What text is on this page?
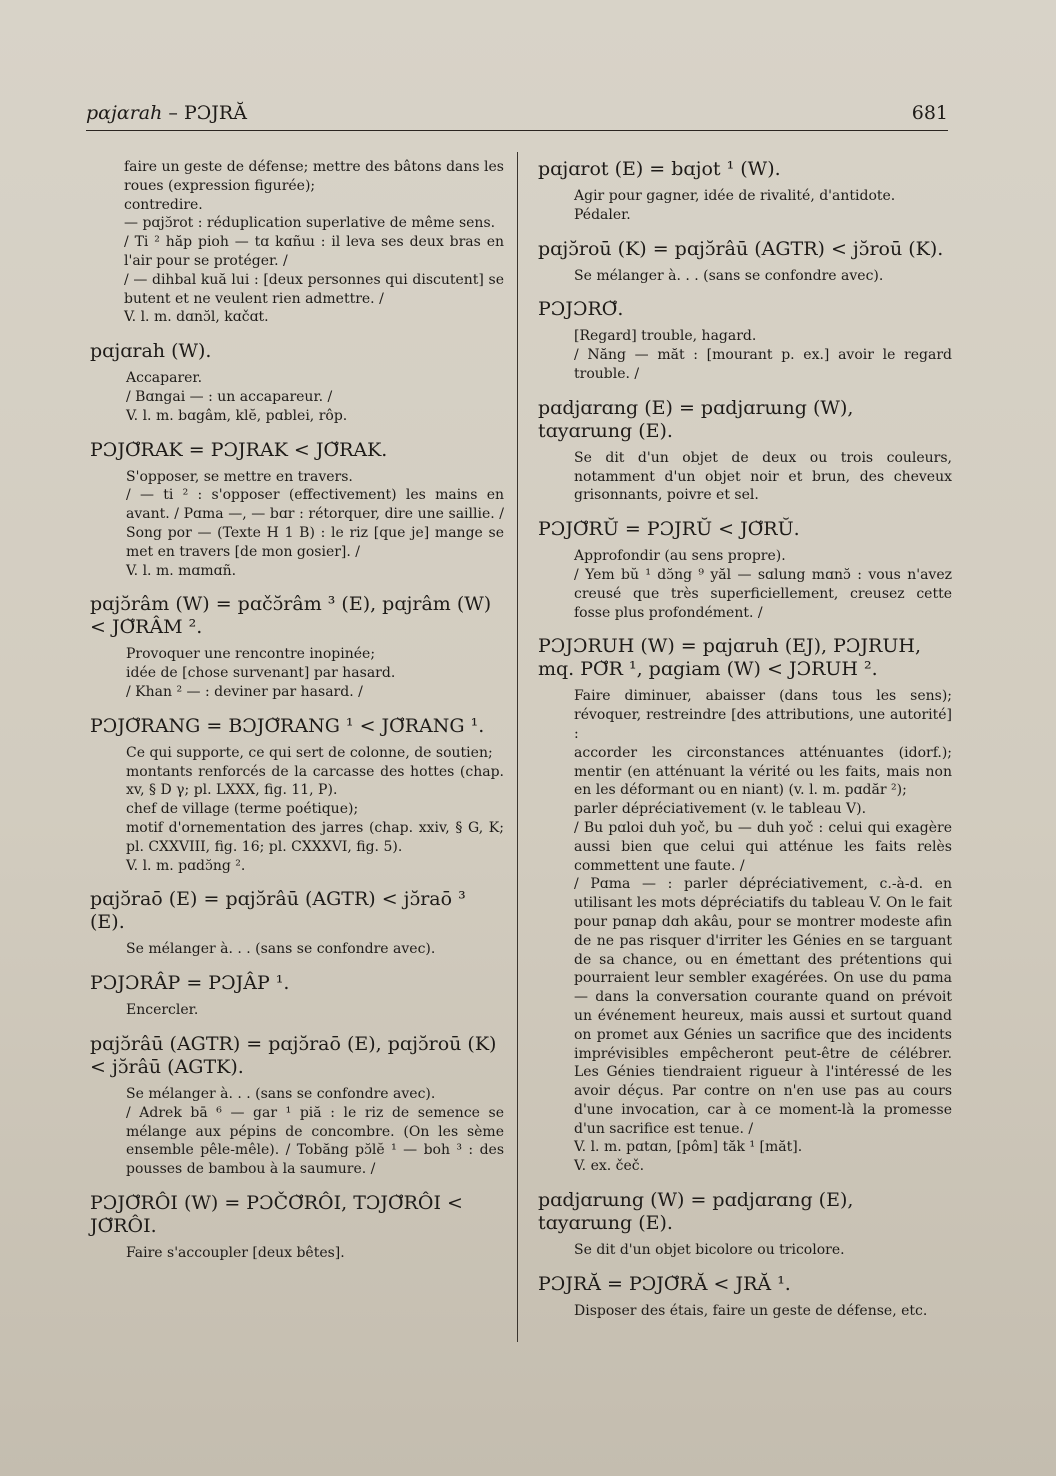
pɑjɑrah – PƆJRĂ	681

faire un geste de défense; mettre des bâtons dans les roues (expression figurée);

contredire.

— pɑjɔ̆rot : réduplication superlative de même sens.

/ Ti ² hăp pioh — tɑ kɑñɯ : il leva ses deux bras en l'air pour se protéger. /

/ — dihbal kuă lui : [deux personnes qui discutent] se butent et ne veulent rien admettre. /

V. l. m. dɑnɔ̆l, kɑčɑt.

pɑjɑrah (W).

Accaparer.

/ Bɑngai — : un accapareur. /

V. l. m. bɑgâm, klĕ, pɑblei, rôp.

PƆJƠ̆RAK = PƆJRAK < JƠ̆RAK.

S'opposer, se mettre en travers.

/ — ti ² : s'opposer (effectivement) les mains en avant. / Pɑma —, — bɑr : rétorquer, dire une saillie. / Song por — (Texte H 1 B) : le riz [que je] mange se met en travers [de mon gosier]. /

V. l. m. mɑmɑñ.

pɑjɔ̆râm (W) = pɑčɔ̆râm ³ (E), pɑjrâm (W) < JƠ̆RÂM ².

Provoquer une rencontre inopinée;

idée de [chose survenant] par hasard.

/ Khan ² — : deviner par hasard. /

PƆJƠ̆RANG = BƆJƠ̆RANG ¹ < JƠ̆RANG ¹.

Ce qui supporte, ce qui sert de colonne, de soutien;

montants renforcés de la carcasse des hottes (chap. xv, § D γ; pl. LXXX, fig. 11, P).

chef de village (terme poétique);

motif d'ornementation des jarres (chap. xxiv, § G, K; pl. CXXVIII, fig. 16; pl. CXXXVI, fig. 5).

V. l. m. pɑdɔ̆ng ².

pɑjɔ̆raō (E) = pɑjɔ̆râū (AGTR) < jɔ̆raō ³ (E).

Se mélanger à. . . (sans se confondre avec).

PƆJƆRÂP = PƆJÂP ¹.

Encercler.

pɑjɔ̆râū (AGTR) = pɑjɔ̆raō (E), pɑjɔ̆roū (K) < jɔ̆râū (AGTK).

Se mélanger à. . . (sans se confondre avec).

/ Adrek bā ⁶ — gar ¹ piă : le riz de semence se mélange aux pépins de concombre. (On les sème ensemble pêle-mêle). / Tobăng pɔ̆lĕ ¹ — boh ³ : des pousses de bambou à la saumure. /

PƆJƠ̆RÔI (W) = PƆČƠ̆RÔI, TƆJƠ̆RÔI < JƠ̆RÔI.

Faire s'accoupler [deux bêtes].

pɑjɑrot (E) = bɑjot ¹ (W).

Agir pour gagner, idée de rivalité, d'antidote.

Pédaler.

pɑjɔ̆roū (K) = pɑjɔ̆râū (AGTR) < jɔ̆roū (K).

Se mélanger à. . . (sans se confondre avec).

PƆJƆRƠ̆.

[Regard] trouble, hagard.

/ Năng — măt : [mourant p. ex.] avoir le regard trouble. /

pɑdjɑrɑng (E) = pɑdjɑrɯng (W), tɑyɑrɯng (E).

Se dit d'un objet de deux ou trois couleurs, notamment d'un objet noir et brun, des cheveux grisonnants, poivre et sel.

PƆJƠ̆RŬ = PƆJRŬ < JƠ̆RŬ.

Approfondir (au sens propre).

/ Yem bŭ ¹ dɔ̆ng ⁹ yăl — sɑlung mɑnɔ̆ : vous n'avez creusé que très superficiellement, creusez cette fosse plus profondément. /

PƆJƆRUH (W) = pɑjɑruh (EJ), PƆJRUH, mq. PƠ̆R ¹, pɑgiam (W) < JƆRUH ².

Faire diminuer, abaisser (dans tous les sens); révoquer, restreindre [des attributions, une autorité] :

accorder les circonstances atténuantes (idorf.); mentir (en atténuant la vérité ou les faits, mais non en les déformant ou en niant) (v. l. m. pɑdăr ²);

parler dépréciativement (v. le tableau V).

/ Bu pɑloi duh yoč, bu — duh yoč : celui qui exagère aussi bien que celui qui atténue les faits relès commettent une faute. /

/ Pɑma — : parler dépréciativement, c.-à-d. en utilisant les mots dépréciatifs du tableau V. On le fait pour pɑnap dɑh akâu, pour se montrer modeste afin de ne pas risquer d'irriter les Génies en se targuant de sa chance, ou en émettant des prétentions qui pourraient leur sembler exagérées. On use du pɑma — dans la conversation courante quand on prévoit un événement heureux, mais aussi et surtout quand on promet aux Génies un sacrifice que des incidents imprévisibles empêcheront peut-être de célébrer. Les Génies tiendraient rigueur à l'intéressé de les avoir déçus. Par contre on n'en use pas au cours d'une invocation, car à ce moment-là la promesse d'un sacrifice est tenue. /

V. l. m. pɑtɑn, [pôm] tăk ¹ [măt].

V. ex. čeč.

pɑdjɑrɯng (W) = pɑdjɑrɑng (E), tɑyɑrɯng (E).

Se dit d'un objet bicolore ou tricolore.

PƆJRĂ = PƆJƠ̆RĂ < JRĂ ¹.

Disposer des étais, faire un geste de défense, etc.
